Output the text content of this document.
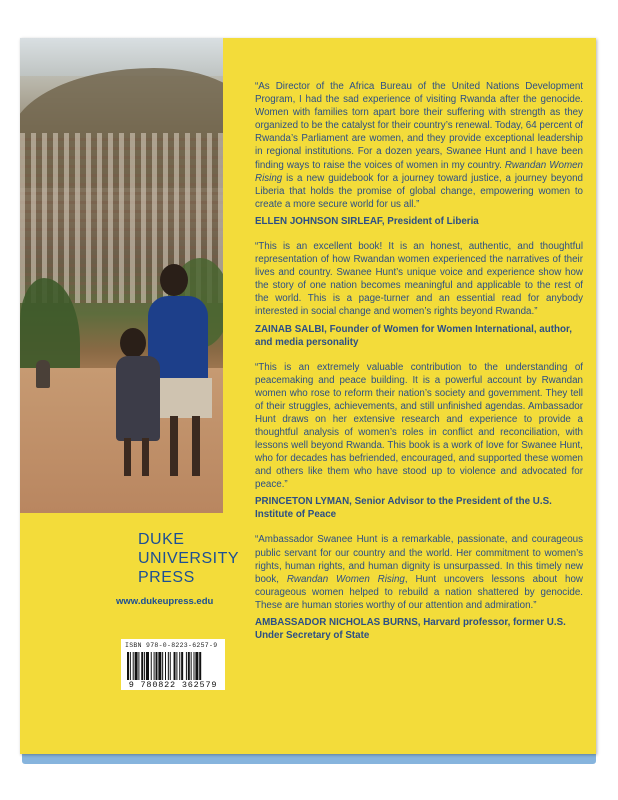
DUKE
UNIVERSITY
PRESS
www.dukeupress.edu
ISBN 978-0-8223-6257-9
9 780822 362579

“As Director of the Africa Bureau of the United Nations Development Program, I had the sad experience of visiting Rwanda after the genocide. Women with families torn apart bore their suffering with strength as they organized to be the catalyst for their country’s renewal. Today, 64 percent of Rwanda’s Parliament are women, and they provide exceptional leadership in regional institutions. For a dozen years, Swanee Hunt and I have been finding ways to raise the voices of women in my country. Rwandan Women Rising is a new guidebook for a journey toward justice, a journey beyond Liberia that holds the promise of global change, empowering women to create a more secure world for us all.”

ELLEN JOHNSON SIRLEAF, President of Liberia

“This is an excellent book! It is an honest, authentic, and thoughtful representation of how Rwandan women experienced the narratives of their lives and country. Swanee Hunt’s unique voice and experience show how the story of one nation becomes meaningful and applicable to the rest of the world. This is a page-turner and an essential read for anybody interested in social change and women’s rights beyond Rwanda.”

ZAINAB SALBI, Founder of Women for Women International, author, and media personality

“This is an extremely valuable contribution to the understanding of peacemaking and peace building. It is a powerful account by Rwandan women who rose to reform their nation’s society and government. They tell of their struggles, achievements, and still unfinished agendas. Ambassador Hunt draws on her extensive research and experience to provide a thoughtful analysis of women’s roles in conflict and reconciliation, with lessons well beyond Rwanda. This book is a work of love for Swanee Hunt, who for decades has befriended, encouraged, and supported these women and others like them who have stood up to violence and advocated for peace.”

PRINCETON LYMAN, Senior Advisor to the President of the U.S. Institute of Peace

“Ambassador Swanee Hunt is a remarkable, passionate, and courageous public servant for our country and the world. Her commitment to women’s rights, human rights, and human dignity is unsurpassed. In this timely new book, Rwandan Women Rising, Hunt uncovers lessons about how courageous women helped to rebuild a nation shattered by genocide. These are human stories worthy of our attention and admiration.”

AMBASSADOR NICHOLAS BURNS, Harvard professor, former U.S. Under Secretary of State
